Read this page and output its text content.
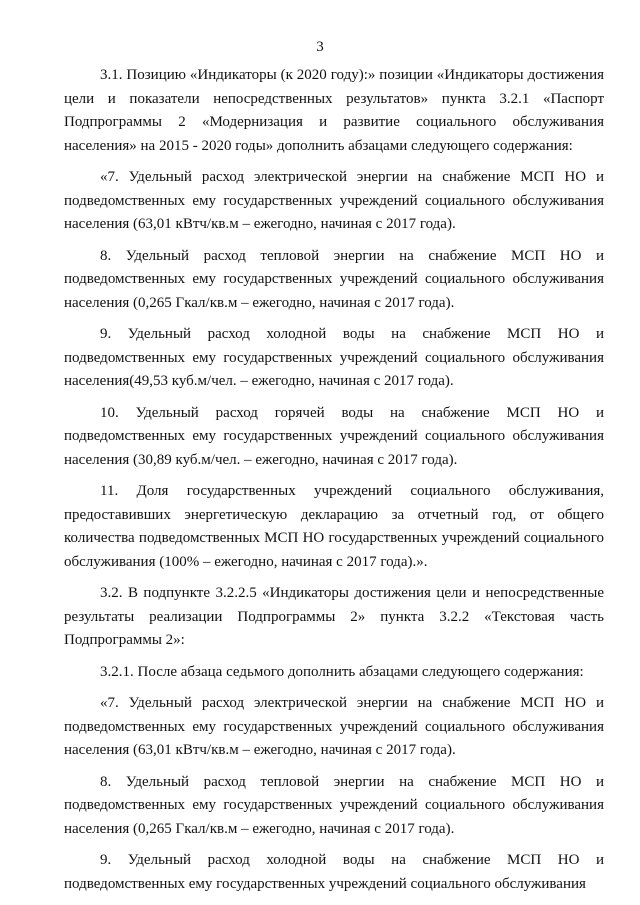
3

3.1. Позицию «Индикаторы (к 2020 году):» позиции «Индикаторы достижения цели и показатели непосредственных результатов» пункта 3.2.1 «Паспорт Подпрограммы 2 «Модернизация и развитие социального обслуживания населения» на 2015 - 2020 годы» дополнить абзацами следующего содержания:

«7. Удельный расход электрической энергии на снабжение МСП НО и подведомственных ему государственных учреждений социального обслуживания населения (63,01 кВтч/кв.м – ежегодно, начиная с 2017 года).

8. Удельный расход тепловой энергии на снабжение МСП НО и подведомственных ему государственных учреждений социального обслуживания населения (0,265 Гкал/кв.м – ежегодно, начиная с 2017 года).

9. Удельный расход холодной воды на снабжение МСП НО и подведомственных ему государственных учреждений социального обслуживания населения(49,53 куб.м/чел. – ежегодно, начиная с 2017 года).

10. Удельный расход горячей воды на снабжение МСП НО и подведомственных ему государственных учреждений социального обслуживания населения (30,89 куб.м/чел. – ежегодно, начиная с 2017 года).

11. Доля государственных учреждений социального обслуживания, предоставивших энергетическую декларацию за отчетный год, от общего количества подведомственных МСП НО государственных учреждений социального обслуживания (100% – ежегодно, начиная с 2017 года).».

3.2. В подпункте 3.2.2.5 «Индикаторы достижения цели и непосредственные результаты реализации Подпрограммы 2» пункта 3.2.2 «Текстовая часть Подпрограммы 2»:

3.2.1. После абзаца седьмого дополнить абзацами следующего содержания:

«7. Удельный расход электрической энергии на снабжение МСП НО и подведомственных ему государственных учреждений социального обслуживания населения (63,01 кВтч/кв.м – ежегодно, начиная с 2017 года).

8. Удельный расход тепловой энергии на снабжение МСП НО и подведомственных ему государственных учреждений социального обслуживания населения (0,265 Гкал/кв.м – ежегодно, начиная с 2017 года).

9. Удельный расход холодной воды на снабжение МСП НО и подведомственных ему государственных учреждений социального обслуживания
